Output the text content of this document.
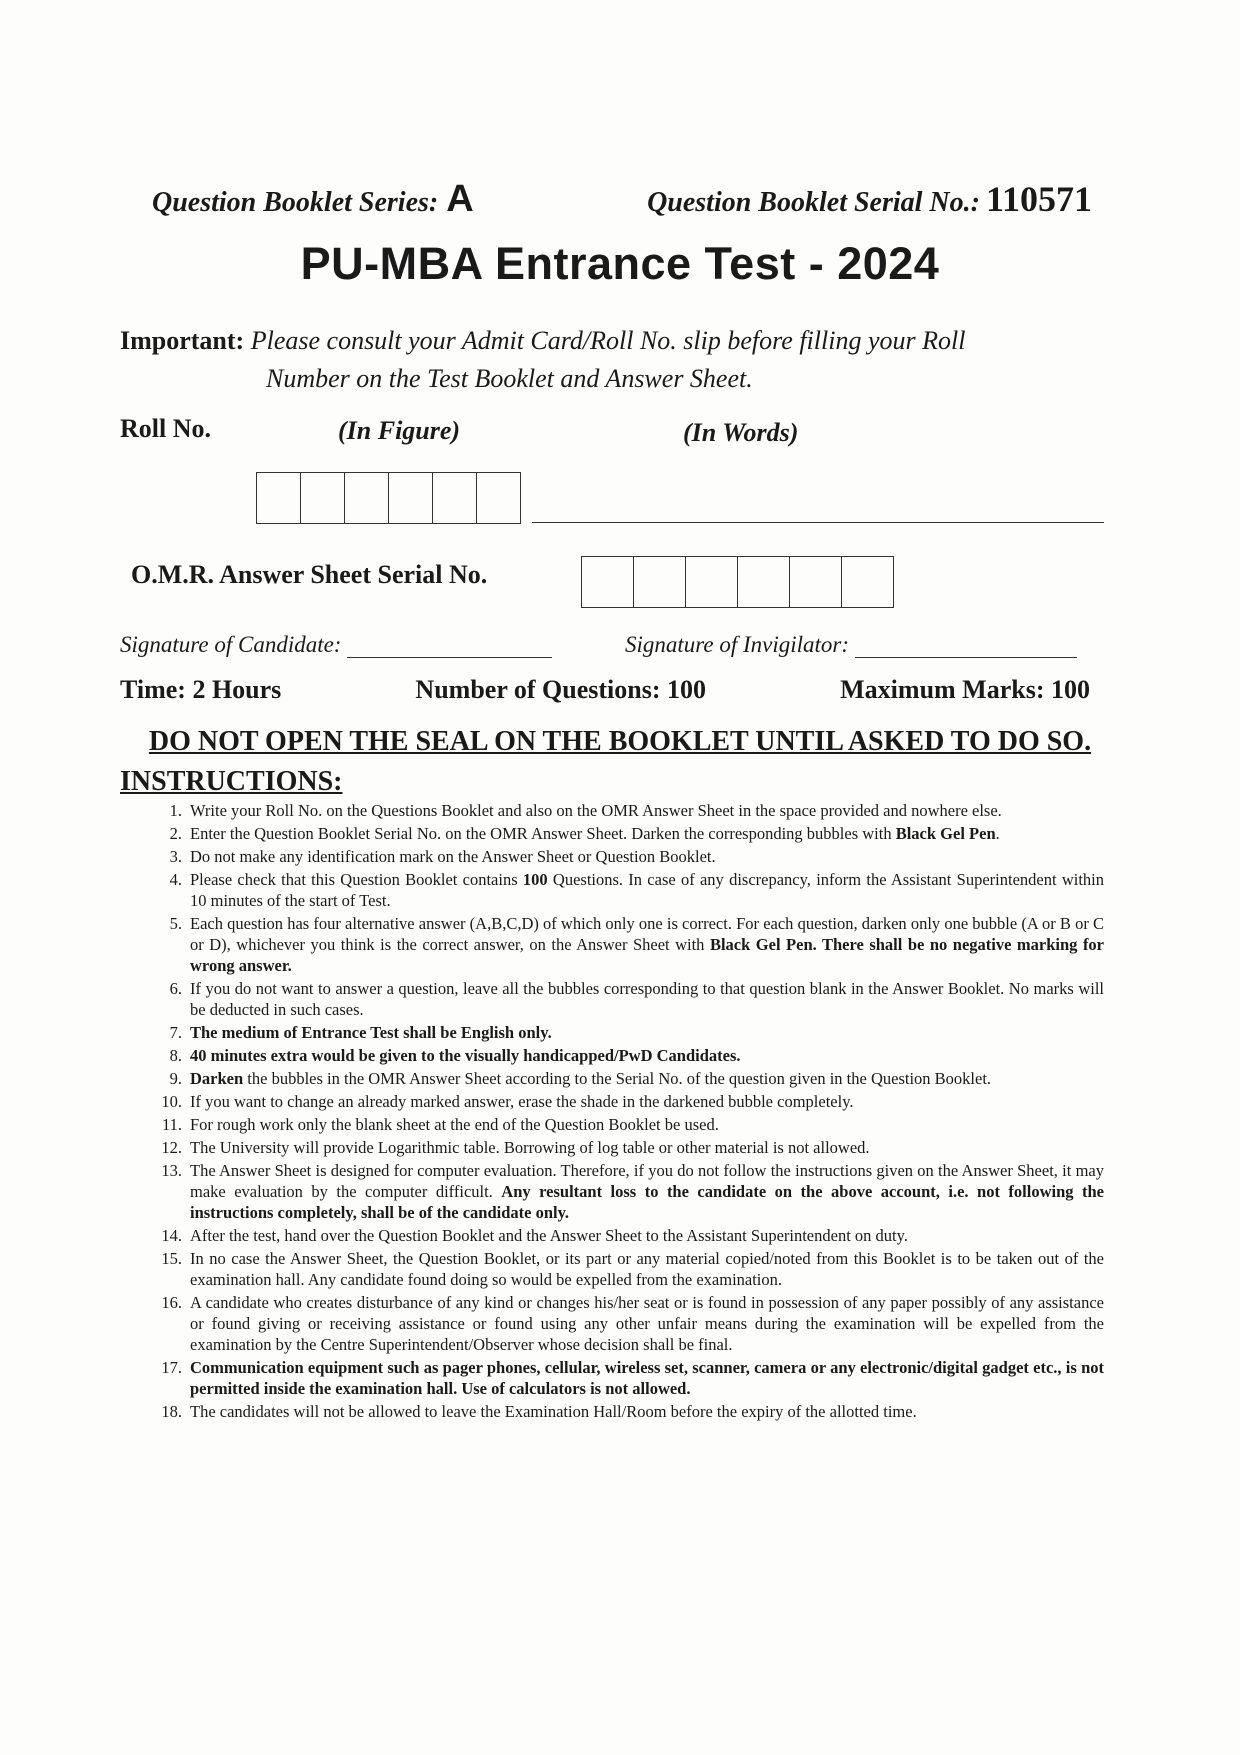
Question Booklet Series: A	Question Booklet Serial No.: 110571
PU-MBA Entrance Test - 2024
Important: Please consult your Admit Card/Roll No. slip before filling your Roll
Number on the Test Booklet and Answer Sheet.
Roll No.	(In Figure)	(In Words)
O.M.R. Answer Sheet Serial No.
Signature of Candidate:	Signature of Invigilator:
Time: 2 Hours	Number of Questions: 100	Maximum Marks: 100
DO NOT OPEN THE SEAL ON THE BOOKLET UNTIL ASKED TO DO SO.
INSTRUCTIONS:
1. Write your Roll No. on the Questions Booklet and also on the OMR Answer Sheet in the space provided and nowhere else.
2. Enter the Question Booklet Serial No. on the OMR Answer Sheet. Darken the corresponding bubbles with Black Gel Pen.
3. Do not make any identification mark on the Answer Sheet or Question Booklet.
4. Please check that this Question Booklet contains 100 Questions. In case of any discrepancy, inform the Assistant Superintendent within 10 minutes of the start of Test.
5. Each question has four alternative answer (A,B,C,D) of which only one is correct. For each question, darken only one bubble (A or B or C or D), whichever you think is the correct answer, on the Answer Sheet with Black Gel Pen. There shall be no negative marking for wrong answer.
6. If you do not want to answer a question, leave all the bubbles corresponding to that question blank in the Answer Booklet. No marks will be deducted in such cases.
7. The medium of Entrance Test shall be English only.
8. 40 minutes extra would be given to the visually handicapped/PwD Candidates.
9. Darken the bubbles in the OMR Answer Sheet according to the Serial No. of the question given in the Question Booklet.
10. If you want to change an already marked answer, erase the shade in the darkened bubble completely.
11. For rough work only the blank sheet at the end of the Question Booklet be used.
12. The University will provide Logarithmic table. Borrowing of log table or other material is not allowed.
13. The Answer Sheet is designed for computer evaluation. Therefore, if you do not follow the instructions given on the Answer Sheet, it may make evaluation by the computer difficult. Any resultant loss to the candidate on the above account, i.e. not following the instructions completely, shall be of the candidate only.
14. After the test, hand over the Question Booklet and the Answer Sheet to the Assistant Superintendent on duty.
15. In no case the Answer Sheet, the Question Booklet, or its part or any material copied/noted from this Booklet is to be taken out of the examination hall. Any candidate found doing so would be expelled from the examination.
16. A candidate who creates disturbance of any kind or changes his/her seat or is found in possession of any paper possibly of any assistance or found giving or receiving assistance or found using any other unfair means during the examination will be expelled from the examination by the Centre Superintendent/Observer whose decision shall be final.
17. Communication equipment such as pager phones, cellular, wireless set, scanner, camera or any electronic/digital gadget etc., is not permitted inside the examination hall. Use of calculators is not allowed.
18. The candidates will not be allowed to leave the Examination Hall/Room before the expiry of the allotted time.
